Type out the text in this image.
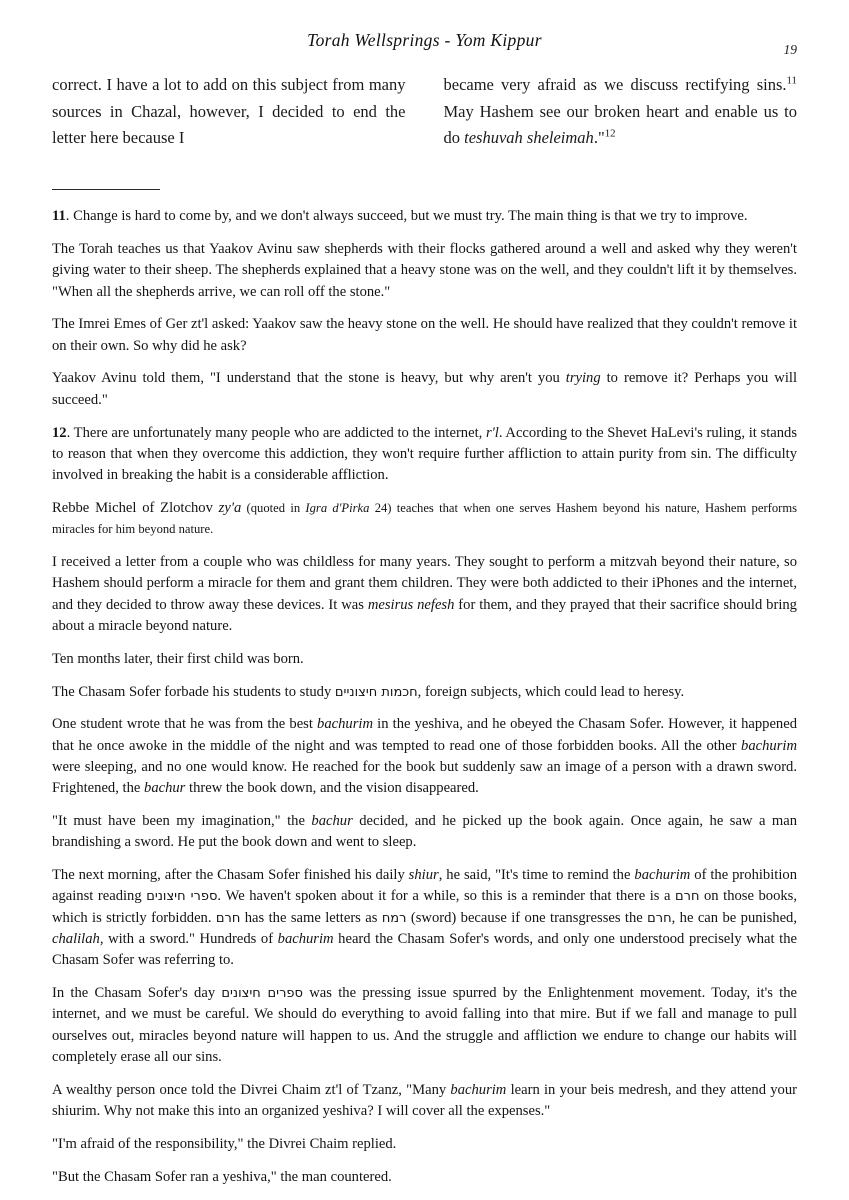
Torah Wellsprings - Yom Kippur	19

correct. I have a lot to add on this subject from many sources in Chazal, however, I decided to end the letter here because I

became very afraid as we discuss rectifying sins.$^{11}$ May Hashem see our broken heart and enable us to do teshuvah sheleimah."$^{12}$

11. Change is hard to come by, and we don't always succeed, but we must try. The main thing is that we try to improve.

The Torah teaches us that Yaakov Avinu saw shepherds with their flocks gathered around a well and asked why they weren't giving water to their sheep. The shepherds explained that a heavy stone was on the well, and they couldn't lift it by themselves. "When all the shepherds arrive, we can roll off the stone."

The Imrei Emes of Ger zt'l asked: Yaakov saw the heavy stone on the well. He should have realized that they couldn't remove it on their own. So why did he ask?

Yaakov Avinu told them, "I understand that the stone is heavy, but why aren't you trying to remove it? Perhaps you will succeed."

12. There are unfortunately many people who are addicted to the internet, r'l. According to the Shevet HaLevi's ruling, it stands to reason that when they overcome this addiction, they won't require further affliction to attain purity from sin. The difficulty involved in breaking the habit is a considerable affliction.

Rebbe Michel of Zlotchov zy'a (quoted in Igra d'Pirka 24) teaches that when one serves Hashem beyond his nature, Hashem performs miracles for him beyond nature.

I received a letter from a couple who was childless for many years. They sought to perform a mitzvah beyond their nature, so Hashem should perform a miracle for them and grant them children. They were both addicted to their iPhones and the internet, and they decided to throw away these devices. It was mesirus nefesh for them, and they prayed that their sacrifice should bring about a miracle beyond nature.

Ten months later, their first child was born.

The Chasam Sofer forbade his students to study חכמות חיצוניים, foreign subjects, which could lead to heresy.

One student wrote that he was from the best bachurim in the yeshiva, and he obeyed the Chasam Sofer. However, it happened that he once awoke in the middle of the night and was tempted to read one of those forbidden books. All the other bachurim were sleeping, and no one would know. He reached for the book but suddenly saw an image of a person with a drawn sword. Frightened, the bachur threw the book down, and the vision disappeared.

"It must have been my imagination," the bachur decided, and he picked up the book again. Once again, he saw a man brandishing a sword. He put the book down and went to sleep.

The next morning, after the Chasam Sofer finished his daily shiur, he said, "It's time to remind the bachurim of the prohibition against reading ספרי חיצונים. We haven't spoken about it for a while, so this is a reminder that there is a חרם on those books, which is strictly forbidden. חרם has the same letters as רמח (sword) because if one transgresses the חרם, he can be punished, chalilah, with a sword." Hundreds of bachurim heard the Chasam Sofer's words, and only one understood precisely what the Chasam Sofer was referring to.

In the Chasam Sofer's day ספרים חיצונים was the pressing issue spurred by the Enlightenment movement. Today, it's the internet, and we must be careful. We should do everything to avoid falling into that mire. But if we fall and manage to pull ourselves out, miracles beyond nature will happen to us. And the struggle and affliction we endure to change our habits will completely erase all our sins.

A wealthy person once told the Divrei Chaim zt'l of Tzanz, "Many bachurim learn in your beis medresh, and they attend your shiurim. Why not make this into an organized yeshiva? I will cover all the expenses."

"I'm afraid of the responsibility," the Divrei Chaim replied.

"But the Chasam Sofer ran a yeshiva," the man countered.
